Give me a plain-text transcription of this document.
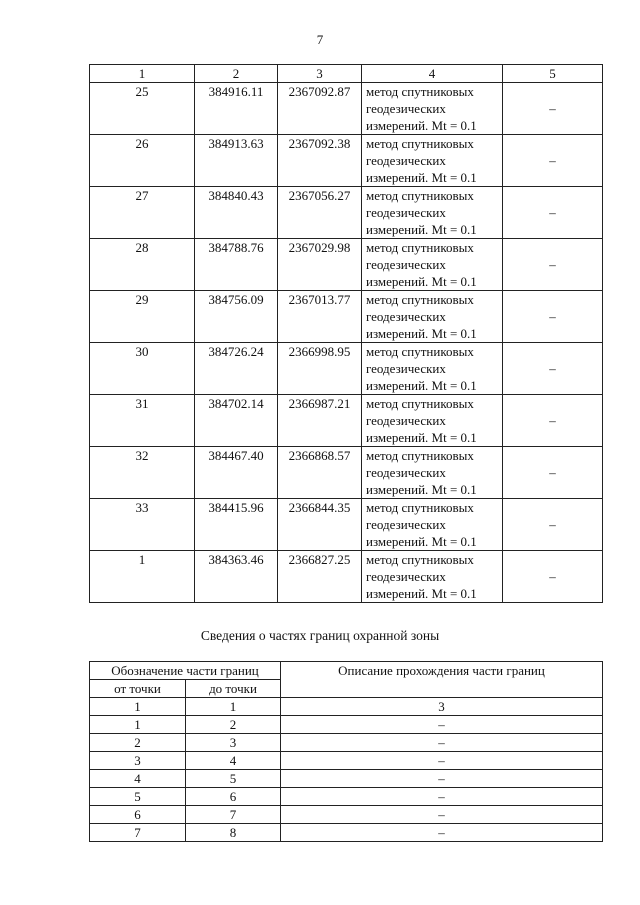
7
1	2	3	4	5
25	384916.11	2367092.87	метод спутниковых
геодезических
измерений. Mt = 0.1	–
26	384913.63	2367092.38	метод спутниковых
геодезических
измерений. Mt = 0.1	–
27	384840.43	2367056.27	метод спутниковых
геодезических
измерений. Mt = 0.1	–
28	384788.76	2367029.98	метод спутниковых
геодезических
измерений. Mt = 0.1	–
29	384756.09	2367013.77	метод спутниковых
геодезических
измерений. Mt = 0.1	–
30	384726.24	2366998.95	метод спутниковых
геодезических
измерений. Mt = 0.1	–
31	384702.14	2366987.21	метод спутниковых
геодезических
измерений. Mt = 0.1	–
32	384467.40	2366868.57	метод спутниковых
геодезических
измерений. Mt = 0.1	–
33	384415.96	2366844.35	метод спутниковых
геодезических
измерений. Mt = 0.1	–
1	384363.46	2366827.25	метод спутниковых
геодезических
измерений. Mt = 0.1	–
Сведения о частях границ охранной зоны
Обозначение части границ		Описание прохождения части границ
от точки	до точки	
1	1	3
1	2	–
2	3	–
3	4	–
4	5	–
5	6	–
6	7	–
7	8	–
